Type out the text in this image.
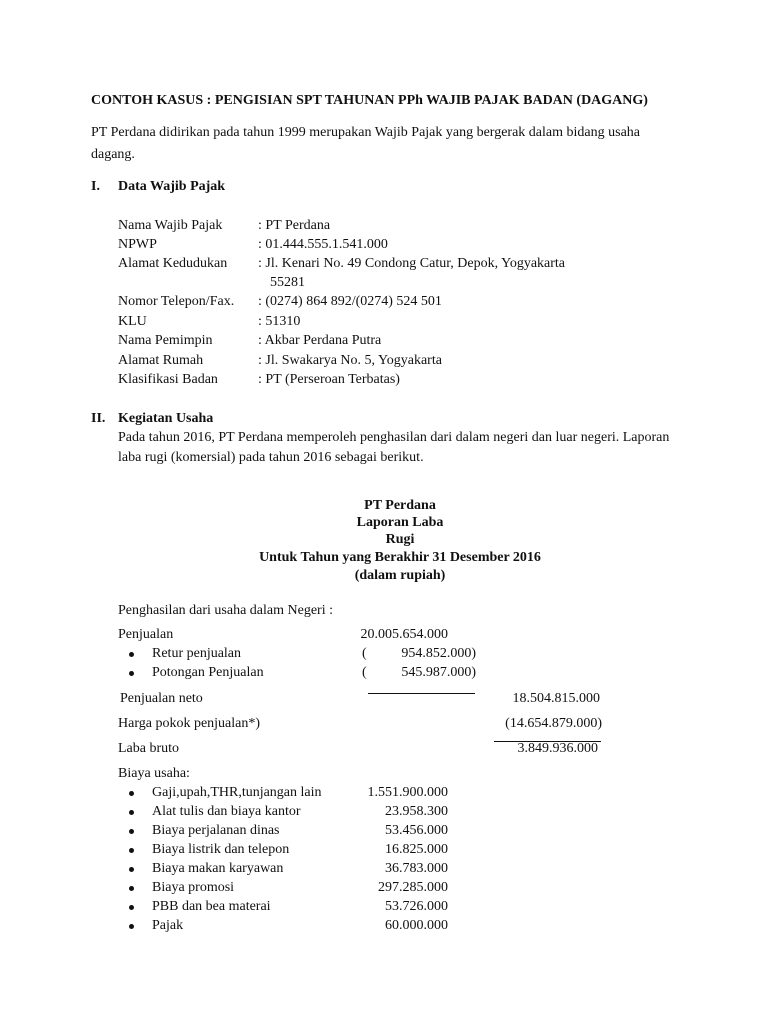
CONTOH KASUS : PENGISIAN SPT TAHUNAN PPh WAJIB PAJAK BADAN (DAGANG)
PT Perdana didirikan pada tahun 1999 merupakan Wajib Pajak yang bergerak dalam bidang usaha
dagang.
I. Data Wajib Pajak
Nama Wajib Pajak	: PT Perdana
NPWP	: 01.444.555.1.541.000
Alamat Kedudukan : Jl. Kenari No. 49 Condong Catur, Depok, Yogyakarta
55281
Nomor Telepon/Fax. : (0274) 864 892/(0274) 524 501
KLU	: 51310
Nama Pemimpin	: Akbar Perdana Putra
Alamat Rumah	: Jl. Swakarya No. 5, Yogyakarta
Klasifikasi Badan	: PT (Perseroan Terbatas)
II. Kegiatan Usaha
Pada tahun 2016, PT Perdana memperoleh penghasilan dari dalam negeri dan luar negeri. Laporan
laba rugi (komersial) pada tahun 2016 sebagai berikut.
PT Perdana
Laporan Laba
Rugi
Untuk Tahun yang Berakhir 31 Desember 2016
(dalam rupiah)
Penghasilan dari usaha dalam Negeri :
Penjualan	20.005.654.000
Retur penjualan	( 954.852.000)
Potongan Penjualan	( 545.987.000)
Penjualan neto	18.504.815.000
Harga pokok penjualan*)	(14.654.879.000)
Laba bruto	3.849.936.000
Biaya usaha:
Gaji,upah,THR,tunjangan lain	1.551.900.000
Alat tulis dan biaya kantor	23.958.300
Biaya perjalanan dinas	53.456.000
Biaya listrik dan telepon	16.825.000
Biaya makan karyawan	36.783.000
Biaya promosi	297.285.000
PBB dan bea materai	53.726.000
Pajak	60.000.000
